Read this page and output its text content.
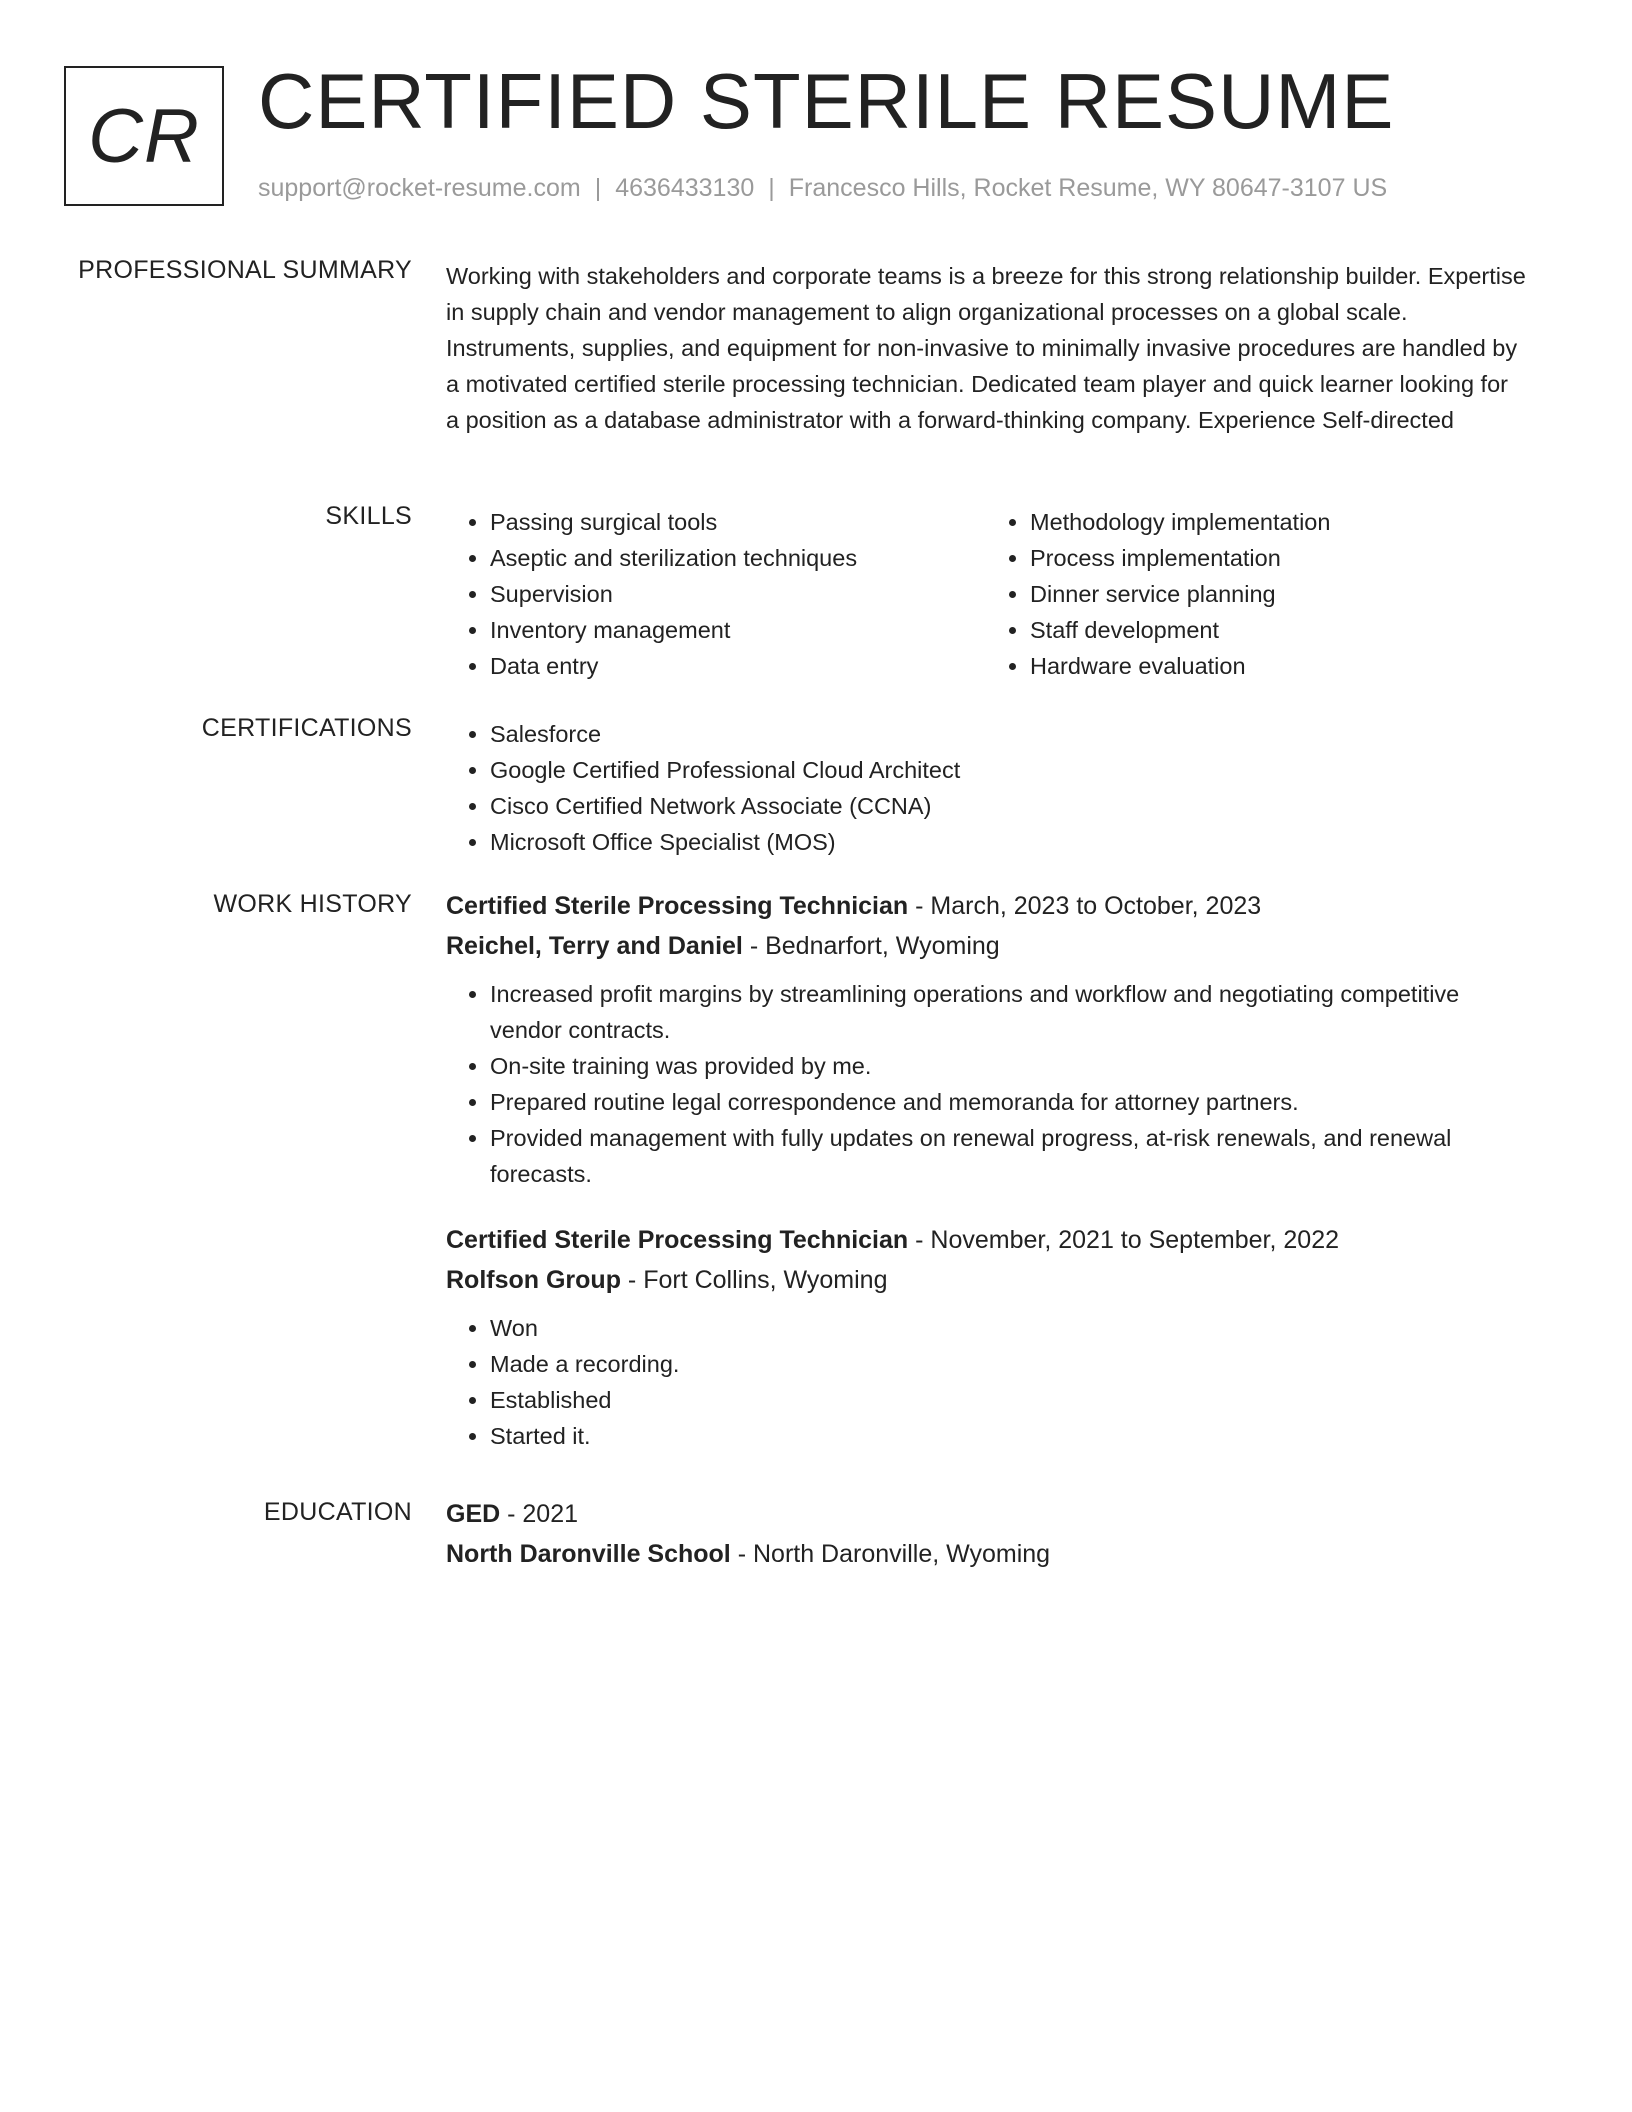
CR CERTIFIED STERILE RESUME
support@rocket-resume.com | 4636433130 | Francesco Hills, Rocket Resume, WY 80647-3107 US
PROFESSIONAL SUMMARY Working with stakeholders and corporate teams is a breeze for this strong relationship builder. Expertise in supply chain and vendor management to align organizational processes on a global scale. Instruments, supplies, and equipment for non-invasive to minimally invasive procedures are handled by a motivated certified sterile processing technician. Dedicated team player and quick learner looking for a position as a database administrator with a forward-thinking company. Experience Self-directed

SKILLS	• Passing surgical tools
• Aseptic and sterilization techniques
• Supervision
• Inventory management
• Data entry
• Methodology implementation
• Process implementation
• Dinner service planning
• Staff development
• Hardware evaluation
CERTIFICATIONS	• Salesforce
• Google Certified Professional Cloud Architect
• Cisco Certified Network Associate (CCNA)
• Microsoft Office Specialist (MOS)
WORK HISTORY Certified Sterile Processing Technician - March, 2023 to October, 2023
Reichel, Terry and Daniel - Bednarfort, Wyoming
• Increased profit margins by streamlining operations and workflow and negotiating competitive vendor contracts.
• On-site training was provided by me.
• Prepared routine legal correspondence and memoranda for attorney partners.
• Provided management with fully updates on renewal progress, at-risk renewals, and renewal forecasts.
Certified Sterile Processing Technician - November, 2021 to September, 2022
Rolfson Group - Fort Collins, Wyoming
• Won
• Made a recording.
• Established
• Started it.
EDUCATION GED - 2021
North Daronville School - North Daronville, Wyoming
